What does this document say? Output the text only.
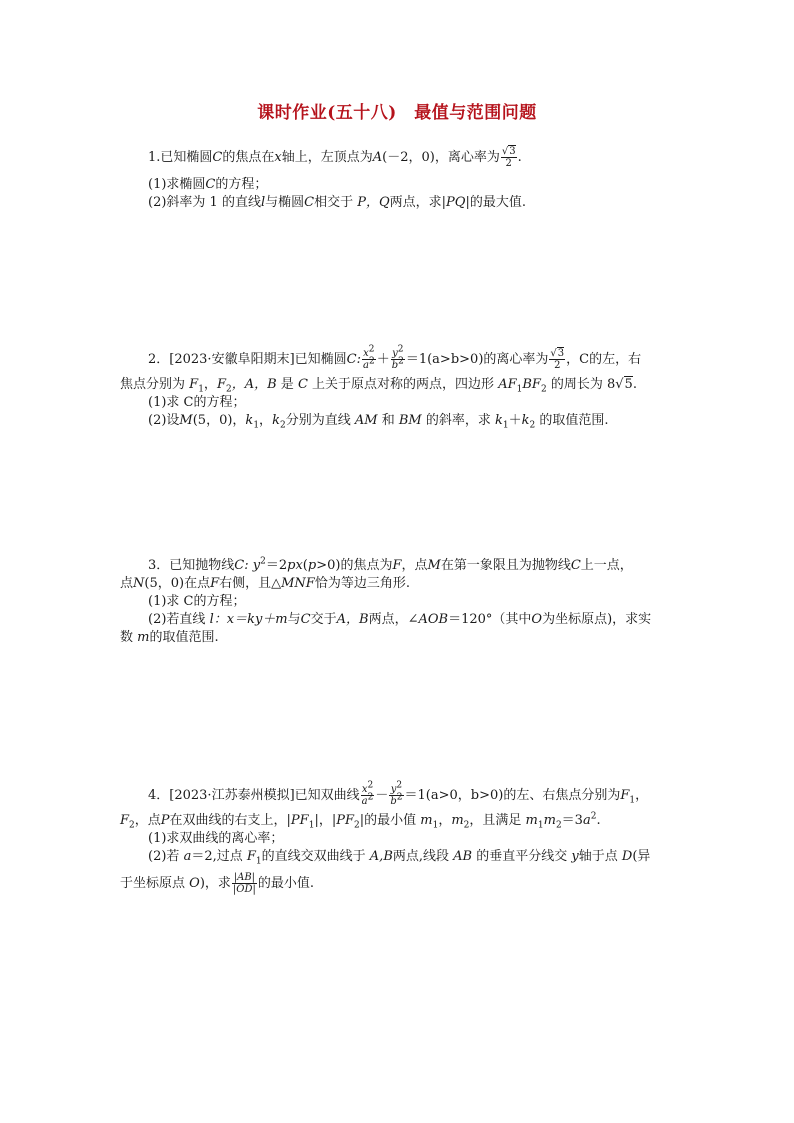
课时作业(五十八)　最值与范围问题
1.已知椭圆C的焦点在x轴上，左顶点为A(－2，0)，离心率为 $\frac{√3}{2}$ .
(1)求椭圆C的方程；
(2)斜率为 1 的直线l与椭圆C相交于 P，Q两点，求|PQ|的最大值.
2．[2023·安徽阜阳期末]已知椭圆C: $\frac{x^2}{a^2} + \frac{y^2}{b^2} =1(a>b>0)$的离心率为 $\frac{√3}{2}$ ，C的左，右
焦点分别为 $F_1$，$F_2$，A，B 是 C 上关于原点对称的两点，四边形 $AF_1BF_2$ 的周长为 8√5.
(1)求 C的方程；
(2)设M(5，0)，$k_1$，$k_2$分别为直线 AM 和 BM 的斜率，求 $k_1+k_2$ 的取值范围.
3．已知抛物线C: $y^2=2px(p>0)$的焦点为F，点M在第一象限且为抛物线C上一点，
点N(5，0)在点F右侧，且△MNF恰为等边三角形.
(1)求 C的方程；
(2)若直线 l：x＝ky＋m与C交于A，B两点，∠AOB＝120°（其中O为坐标原点)，求实
数 m的取值范围.
4．[2023·江苏泰州模拟]已知双曲线 $\frac{x^2}{a^2} - \frac{y^2}{b^2} =1(a>0$，b>0)的左、右焦点分别为$F_1$，
$F_2$，点P在双曲线的右支上，$|PF_1|$，$|PF_2|$的最小值 $m_1$，$m_2$，且满足 $m_1m_2=3a^2$.
(1)求双曲线的离心率；
(2)若 a＝2,过点 $F_1$的直线交双曲线于 A,B两点,线段 AB 的垂直平分线交 y轴于点 D(异
于坐标原点 O)，求 $\frac{|AB|}{|OD|}$ 的最小值.
